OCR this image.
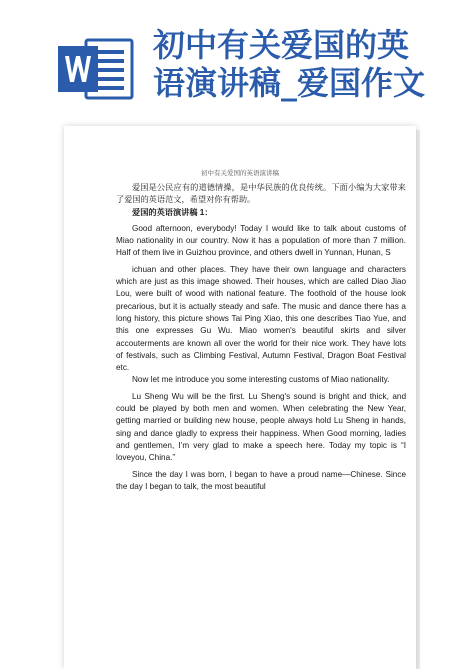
初中有关爱国的英
语演讲稿_爱国作文
初中有关爱国的英语演讲稿

爱国是公民应有的道德情操，是中华民族的优良传统。下面小编为大家带来了爱国的英语范文，希望对你有帮助。

爱国的英语演讲稿 1：

Good afternoon, everybody! Today I would like to talk about customs of Miao nationality in our country. Now it has a population of more than 7 million. Half of them live in Guizhou province, and others dwell in Yunnan, Hunan, S

ichuan and other places. They have their own language and characters which are just as this image showed. Their houses, which are called Diao Jiao Lou, were built of wood with national feature. The foothold of the house look precarious, but it is actually steady and safe. The music and dance there has a long history, this picture shows Tai Ping Xiao, this one describes Tiao Yue, and this one expresses Gu Wu. Miao women's beautiful skirts and silver accouterments are known all over the world for their nice work. They have lots of festivals, such as Climbing Festival, Autumn Festival, Dragon Boat Festival etc.

Now let me introduce you some interesting customs of Miao nationality.

Lu Sheng Wu will be the first. Lu Sheng's sound is bright and thick, and could be played by both men and women. When celebrating the New Year, getting married or building new house, people always hold Lu Sheng in hands, sing and dance gladly to express their happiness. When Good morning, ladies and gentlemen, I’m very glad to make a speech here. Today my topic is “I loveyou, China.”

Since the day I was born, I began to have a proud name—Chinese. Since the day I began to talk, the most beautiful
